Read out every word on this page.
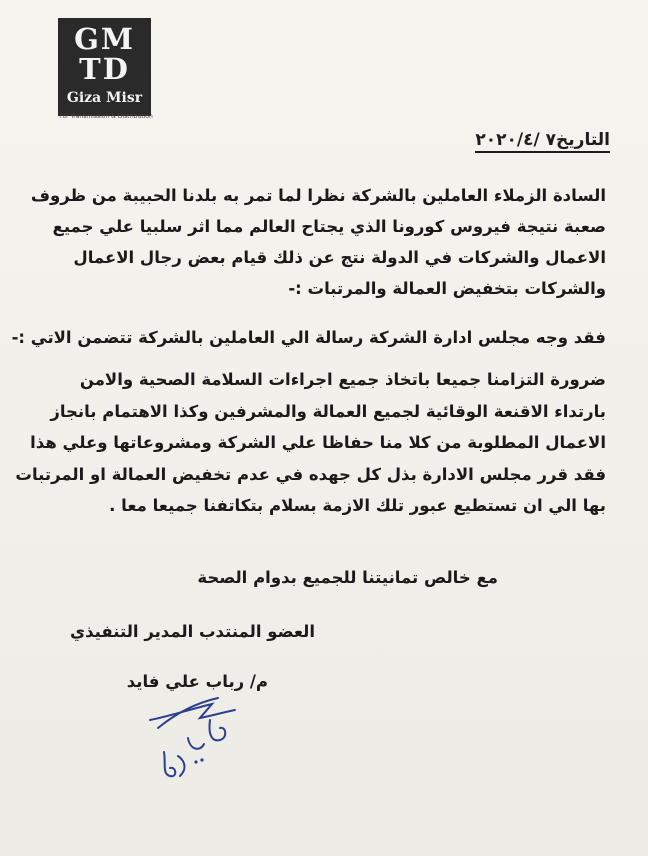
GM
TD
Giza Misr
For Transmission & Distribution
التاريخ٧ /٢٠٢٠/٤

السادة الزملاء العاملين بالشركة نظرا لما تمر به بلدنا الحبيبة من ظروف

صعبة نتيجة فيروس كورونا الذي يجتاح العالم مما اثر سلبيا علي جميع

الاعمال والشركات في الدولة نتج عن ذلك قيام بعض رجال الاعمال

والشركات بتخفيض العمالة والمرتبات :-

فقد وجه مجلس ادارة الشركة رسالة الي العاملين بالشركة تتضمن الاتي :-

ضرورة التزامنا جميعا باتخاذ جميع اجراءات السلامة الصحية والامن

بارتداء الاقنعة الوقائية لجميع العمالة والمشرفين وكذا الاهتمام بانجاز

الاعمال المطلوبة من كلا منا حفاظا علي الشركة ومشروعاتها وعلي هذا

فقد قرر مجلس الادارة بذل كل جهده في عدم تخفيض العمالة او المرتبات

بها الي ان تستطيع عبور تلك الازمة بسلام بتكاتفنا جميعا معا .

مع خالص تمانيتنا للجميع بدوام الصحة
العضو المنتدب المدير التنفيذي
م/ رباب علي فايد
